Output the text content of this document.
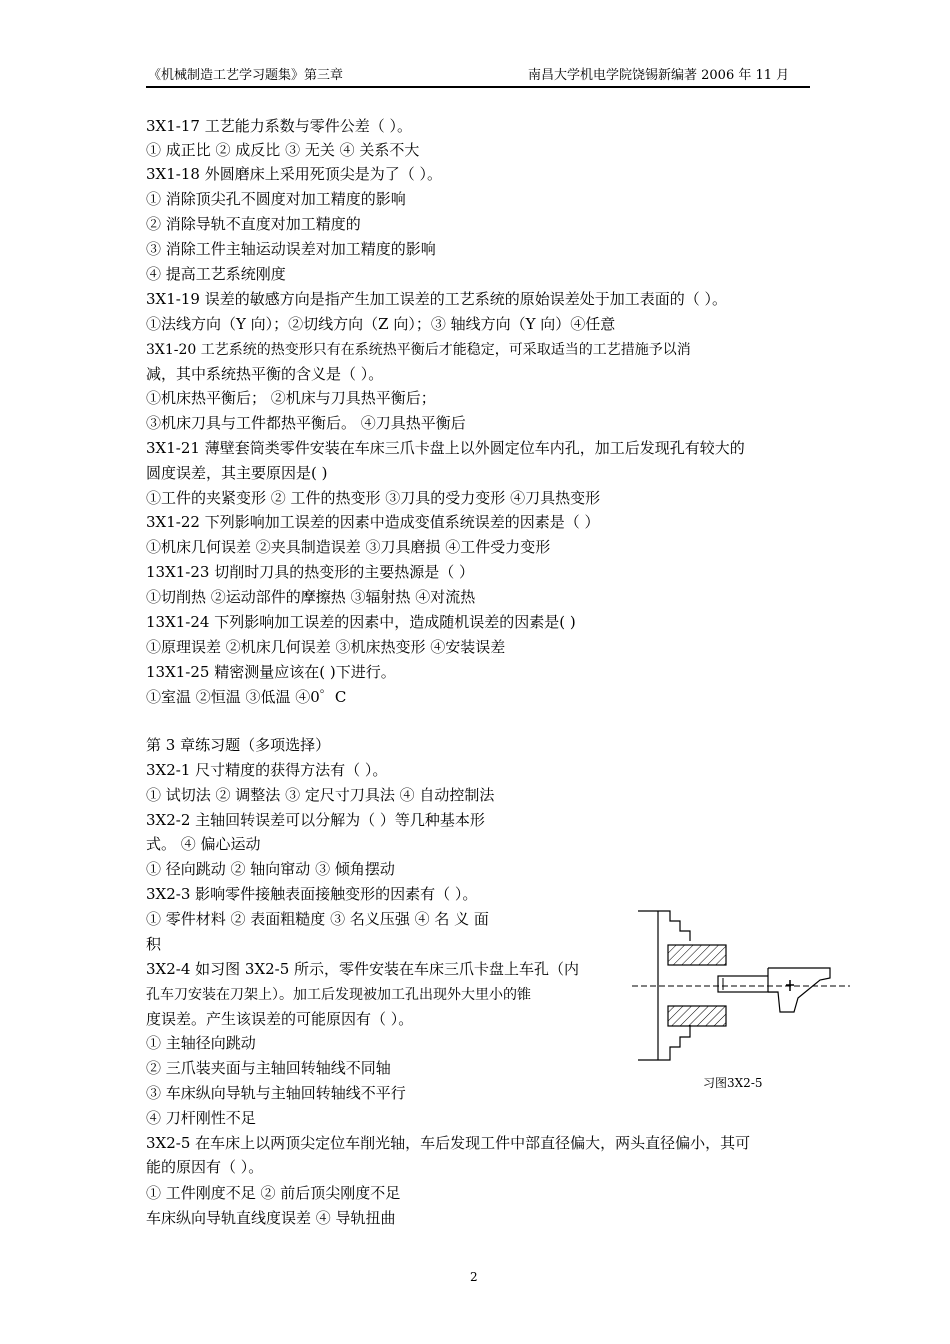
《机械制造工艺学习题集》第三章	南昌大学机电学院饶锡新编著 2006 年 11 月
3X1-17 工艺能力系数与零件公差（ ）。
① 成正比 ② 成反比 ③ 无关 ④ 关系不大
3X1-18 外圆磨床上采用死顶尖是为了（ ）。
① 消除顶尖孔不圆度对加工精度的影响
② 消除导轨不直度对加工精度的
③ 消除工件主轴运动误差对加工精度的影响
④ 提高工艺系统刚度
3X1-19 误差的敏感方向是指产生加工误差的工艺系统的原始误差处于加工表面的（ ）。
①法线方向（Y 向）；②切线方向（Z 向）；③ 轴线方向（Y 向）④任意
3X1-20 工艺系统的热变形只有在系统热平衡后才能稳定，可采取适当的工艺措施予以消
减，其中系统热平衡的含义是（ ）。
①机床热平衡后； ②机床与刀具热平衡后；
③机床刀具与工件都热平衡后。 ④刀具热平衡后
3X1-21 薄壁套筒类零件安装在车床三爪卡盘上以外圆定位车内孔，加工后发现孔有较大的
圆度误差，其主要原因是( )
①工件的夹紧变形 ② 工件的热变形 ③刀具的受力变形 ④刀具热变形
3X1-22 下列影响加工误差的因素中造成变值系统误差的因素是（ ）
①机床几何误差 ②夹具制造误差 ③刀具磨损 ④工件受力变形
13X1-23 切削时刀具的热变形的主要热源是（ ）
①切削热 ②运动部件的摩擦热 ③辐射热 ④对流热
13X1-24 下列影响加工误差的因素中，造成随机误差的因素是( )
①原理误差 ②机床几何误差 ③机床热变形 ④安装误差
13X1-25 精密测量应该在( )下进行。
①室温 ②恒温 ③低温 ④0゜C
第 3 章练习题（多项选择）
3X2-1 尺寸精度的获得方法有（ ）。
① 试切法 ② 调整法 ③ 定尺寸刀具法 ④ 自动控制法
3X2-2 主轴回转误差可以分解为（ ）等几种基本形
式。 ④ 偏心运动
① 径向跳动 ② 轴向窜动 ③ 倾角摆动
3X2-3 影响零件接触表面接触变形的因素有（ ）。
① 零件材料 ② 表面粗糙度 ③ 名义压强 ④ 名 义 面
积
3X2-4 如习图 3X2-5 所示，零件安装在车床三爪卡盘上车孔（内
孔车刀安装在刀架上）。加工后发现被加工孔出现外大里小的锥
度误差。产生该误差的可能原因有（ ）。
① 主轴径向跳动
② 三爪装夹面与主轴回转轴线不同轴
③ 车床纵向导轨与主轴回转轴线不平行
④ 刀杆刚性不足
3X2-5 在车床上以两顶尖定位车削光轴，车后发现工件中部直径偏大，两头直径偏小，其可
能的原因有（ ）。
① 工件刚度不足 ② 前后顶尖刚度不足
车床纵向导轨直线度误差 ④ 导轨扭曲
习图3X2-5
2
